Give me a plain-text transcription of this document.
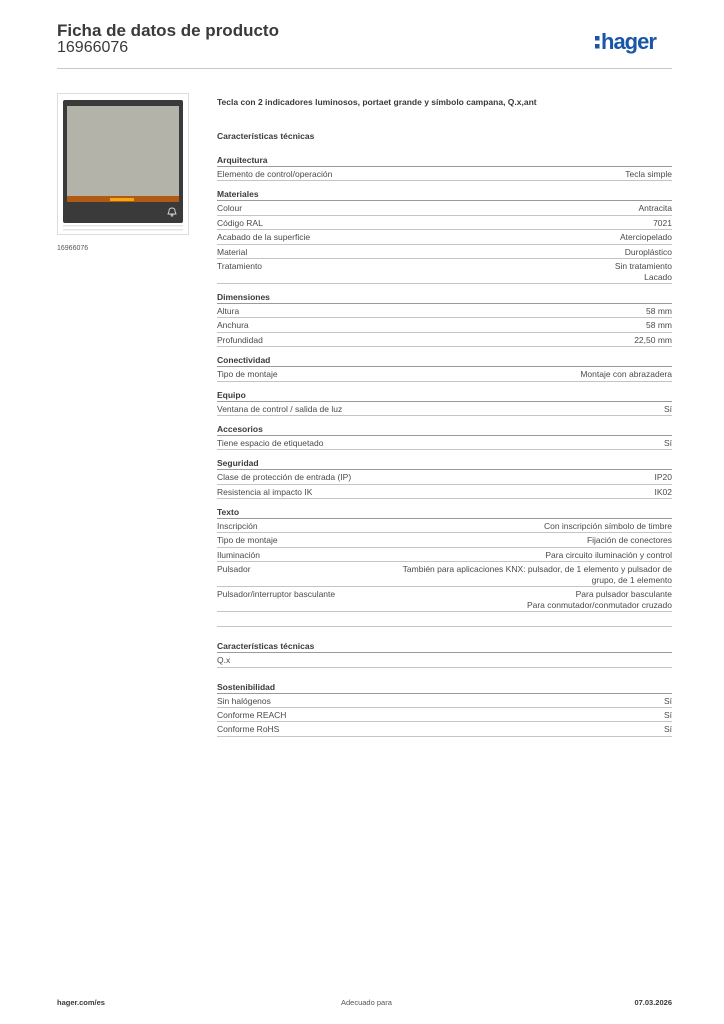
Ficha de datos de producto
16966076	hager
16966076
Tecla con 2 indicadores luminosos, portaet grande y símbolo campana, Q.x,ant
Características técnicas
Arquitectura
Elemento de control/operación	Tecla simple
Materiales
Colour	Antracita
Código RAL	7021
Acabado de la superficie	Aterciopelado
Material	Duroplástico
Tratamiento	Sin tratamiento
Lacado
Dimensiones
Altura	58 mm
Anchura	58 mm
Profundidad	22,50 mm
Conectividad
Tipo de montaje	Montaje con abrazadera
Equipo
Ventana de control / salida de luz	Sí
Accesorios
Tiene espacio de etiquetado	Sí
Seguridad
Clase de protección de entrada (IP)	IP20
Resistencia al impacto IK	IK02
Texto
Inscripción	Con inscripción símbolo de timbre
Tipo de montaje	Fijación de conectores
Iluminación	Para circuito iluminación y control
Pulsador	También para aplicaciones KNX: pulsador, de 1 elemento y pulsador de
grupo, de 1 elemento
Pulsador/interruptor basculante	Para pulsador basculante
Para conmutador/conmutador cruzado
Características técnicas
Q.x
Sostenibilidad
Sin halógenos	Sí
Conforme REACH	Sí
Conforme RoHS	Sí
hager.com/es	Adecuado para	07.03.2026
